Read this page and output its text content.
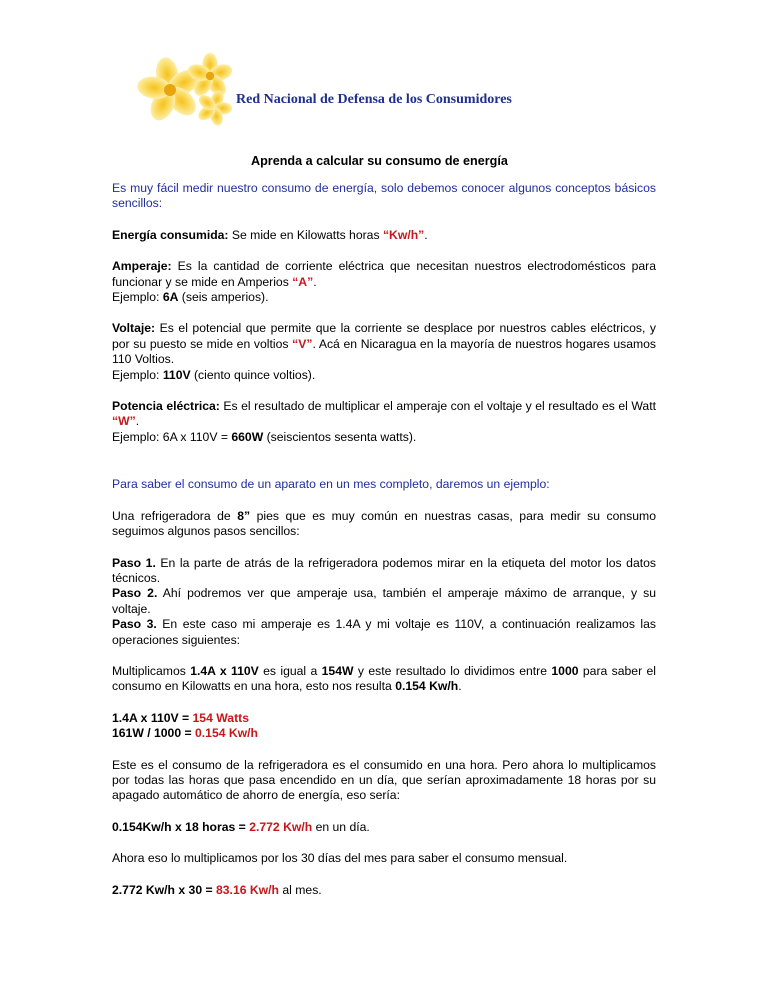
Red Nacional de Defensa de los Consumidores
Aprenda a calcular su consumo de energía

Es muy fácil medir nuestro consumo de energía, solo debemos conocer algunos conceptos básicos sencillos:

Energía consumida: Se mide en Kilowatts horas “Kw/h”.

Amperaje: Es la cantidad de corriente eléctrica que necesitan nuestros electrodomésticos para funcionar y se mide en Amperios “A”.
Ejemplo: 6A (seis amperios).

Voltaje: Es el potencial que permite que la corriente se desplace por nuestros cables eléctricos, y por su puesto se mide en voltios “V”. Acá en Nicaragua en la mayoría de nuestros hogares usamos 110 Voltios.
Ejemplo: 110V (ciento quince voltios).

Potencia eléctrica: Es el resultado de multiplicar el amperaje con el voltaje y el resultado es el Watt “W”.
Ejemplo: 6A x 110V = 660W (seiscientos sesenta watts).

Para saber el consumo de un aparato en un mes completo, daremos un ejemplo:

Una refrigeradora de 8” pies que es muy común en nuestras casas, para medir su consumo seguimos algunos pasos sencillos:

Paso 1. En la parte de atrás de la refrigeradora podemos mirar en la etiqueta del motor los datos técnicos.
Paso 2. Ahí podremos ver que amperaje usa, también el amperaje máximo de arranque, y su voltaje.
Paso 3. En este caso mi amperaje es 1.4A y mi voltaje es 110V, a continuación realizamos las operaciones siguientes:

Multiplicamos 1.4A x 110V es igual a 154W y este resultado lo dividimos entre 1000 para saber el consumo en Kilowatts en una hora, esto nos resulta 0.154 Kw/h.

1.4A x 110V = 154 Watts
161W / 1000 = 0.154 Kw/h

Este es el consumo de la refrigeradora es el consumido en una hora. Pero ahora lo multiplicamos por todas las horas que pasa encendido en un día, que serían aproximadamente 18 horas por su apagado automático de ahorro de energía, eso sería:

0.154Kw/h x 18 horas = 2.772 Kw/h en un día.

Ahora eso lo multiplicamos por los 30 días del mes para saber el consumo mensual.

2.772 Kw/h x 30 = 83.16 Kw/h al mes.
